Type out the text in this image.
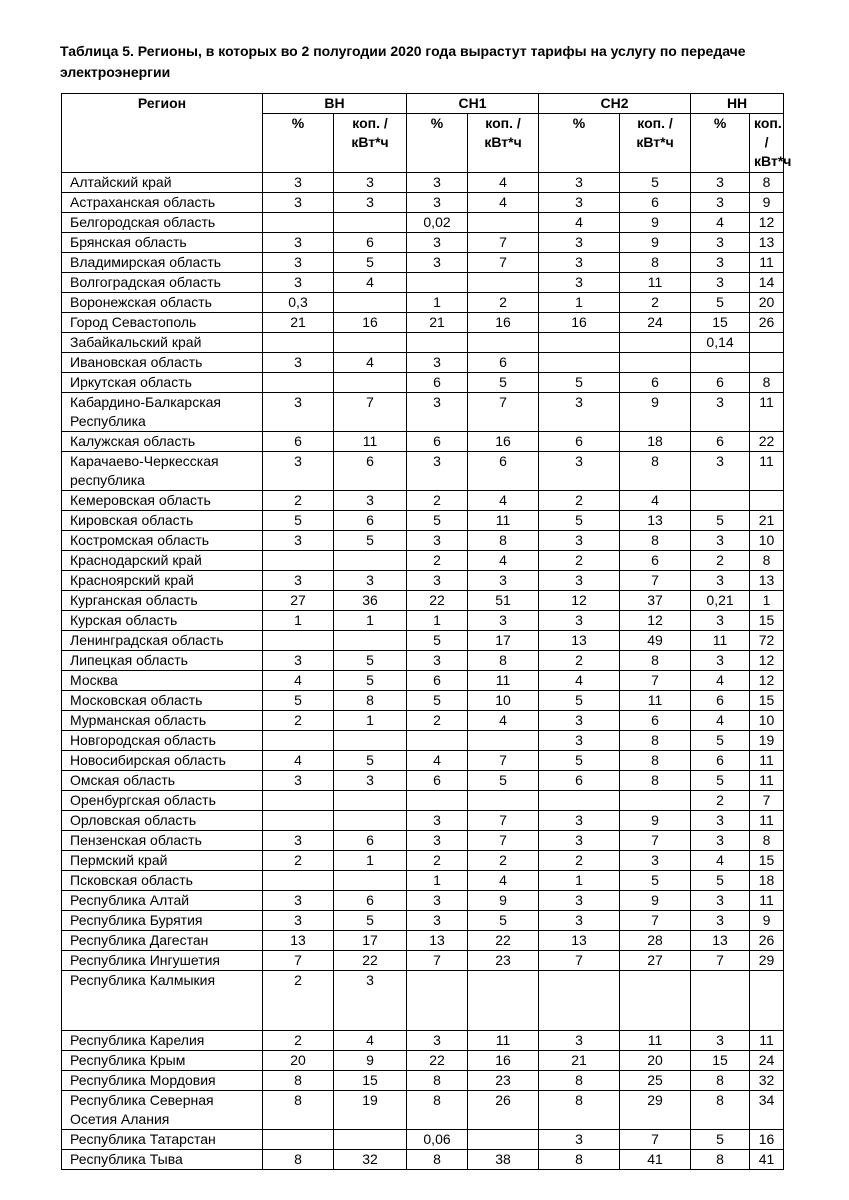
Таблица 5. Регионы, в которых во 2 полугодии 2020 года вырастут тарифы на услугу по передаче электроэнергии
Регион	ВН		СН1		СН2		НН	
	%	коп. /кВт*ч	%	коп. /кВт*ч	%	коп. /кВт*ч	%	коп. /кВт*ч
Алтайский край	3	3	3	4	3	5	3	8
Астраханская область	3	3	3	4	3	6	3	9
Белгородская область			0,02		4	9	4	12
Брянская область	3	6	3	7	3	9	3	13
Владимирская область	3	5	3	7	3	8	3	11
Волгоградская область	3	4			3	11	3	14
Воронежская область	0,3		1	2	1	2	5	20
Город Севастополь	21	16	21	16	16	24	15	26
Забайкальский край							0,14	
Ивановская область	3	4	3	6				
Иркутская область			6	5	5	6	6	8
Кабардино-Балкарская Республика	3	7	3	7	3	9	3	11
Калужская область	6	11	6	16	6	18	6	22
Карачаево-Черкесская республика	3	6	3	6	3	8	3	11
Кемеровская область	2	3	2	4	2	4		
Кировская область	5	6	5	11	5	13	5	21
Костромская область	3	5	3	8	3	8	3	10
Краснодарский край			2	4	2	6	2	8
Красноярский край	3	3	3	3	3	7	3	13
Курганская область	27	36	22	51	12	37	0,21	1
Курская область	1	1	1	3	3	12	3	15
Ленинградская область			5	17	13	49	11	72
Липецкая область	3	5	3	8	2	8	3	12
Москва	4	5	6	11	4	7	4	12
Московская область	5	8	5	10	5	11	6	15
Мурманская область	2	1	2	4	3	6	4	10
Новгородская область					3	8	5	19
Новосибирская область	4	5	4	7	5	8	6	11
Омская область	3	3	6	5	6	8	5	11
Оренбургская область							2	7
Орловская область			3	7	3	9	3	11
Пензенская область	3	6	3	7	3	7	3	8
Пермский край	2	1	2	2	2	3	4	15
Псковская область			1	4	1	5	5	18
Республика Алтай	3	6	3	9	3	9	3	11
Республика Бурятия	3	5	3	5	3	7	3	9
Республика Дагестан	13	17	13	22	13	28	13	26
Республика Ингушетия	7	22	7	23	7	27	7	29
Республика Калмыкия	2	3						
Республика Карелия	2	4	3	11	3	11	3	11
Республика Крым	20	9	22	16	21	20	15	24
Республика Мордовия	8	15	8	23	8	25	8	32
Республика Северная Осетия Алания	8	19	8	26	8	29	8	34
Республика Татарстан			0,06		3	7	5	16
Республика Тыва	8	32	8	38	8	41	8	41
